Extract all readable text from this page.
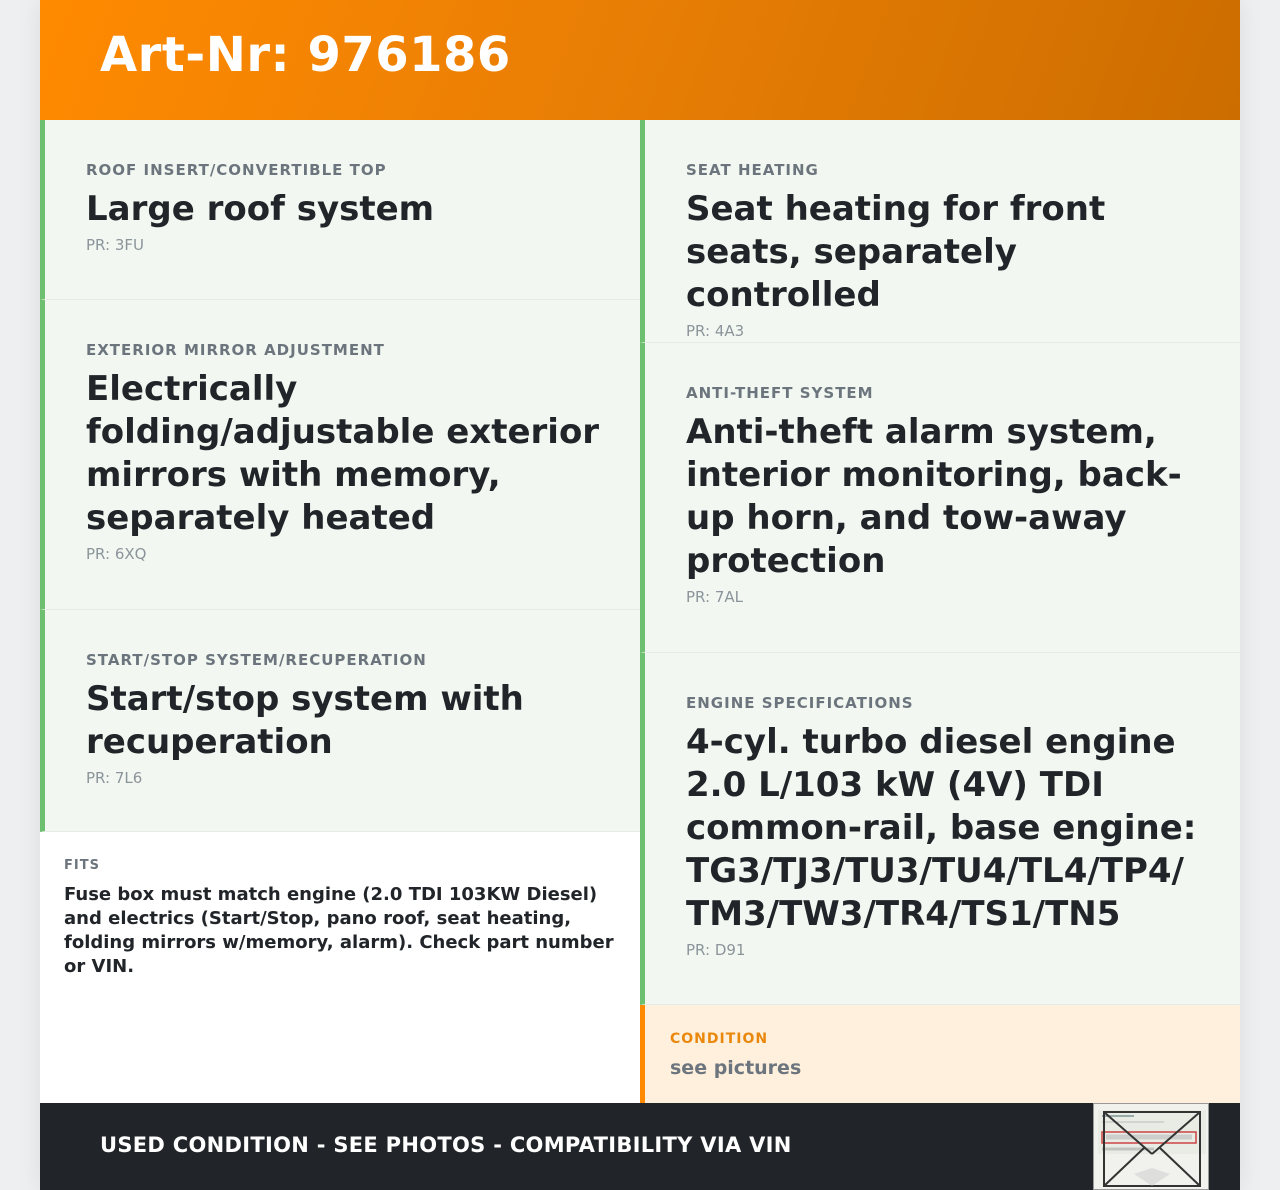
Art-Nr: 976186
ROOF INSERT/CONVERTIBLE TOP
Large roof system
PR: 3FU
EXTERIOR MIRROR ADJUSTMENT
Electrically folding/adjustable exterior mirrors with memory, separately heated
PR: 6XQ
START/STOP SYSTEM/RECUPERATION
Start/stop system with recuperation
PR: 7L6
FITS
Fuse box must match engine (2.0 TDI 103KW Diesel) and electrics (Start/Stop, pano roof, seat heating, folding mirrors w/memory, alarm). Check part number or VIN.
SEAT HEATING
Seat heating for front seats, separately controlled
PR: 4A3
ANTI-THEFT SYSTEM
Anti-theft alarm system, interior monitoring, back-up horn, and tow-away protection
PR: 7AL
ENGINE SPECIFICATIONS
4-cyl. turbo diesel engine 2.0 L/103 kW (4V) TDI common-rail, base engine: TG3/TJ3/TU3/TU4/TL4/TP4/ TM3/TW3/TR4/TS1/TN5
PR: D91
CONDITION
see pictures
USED CONDITION - SEE PHOTOS - COMPATIBILITY VIA VIN
